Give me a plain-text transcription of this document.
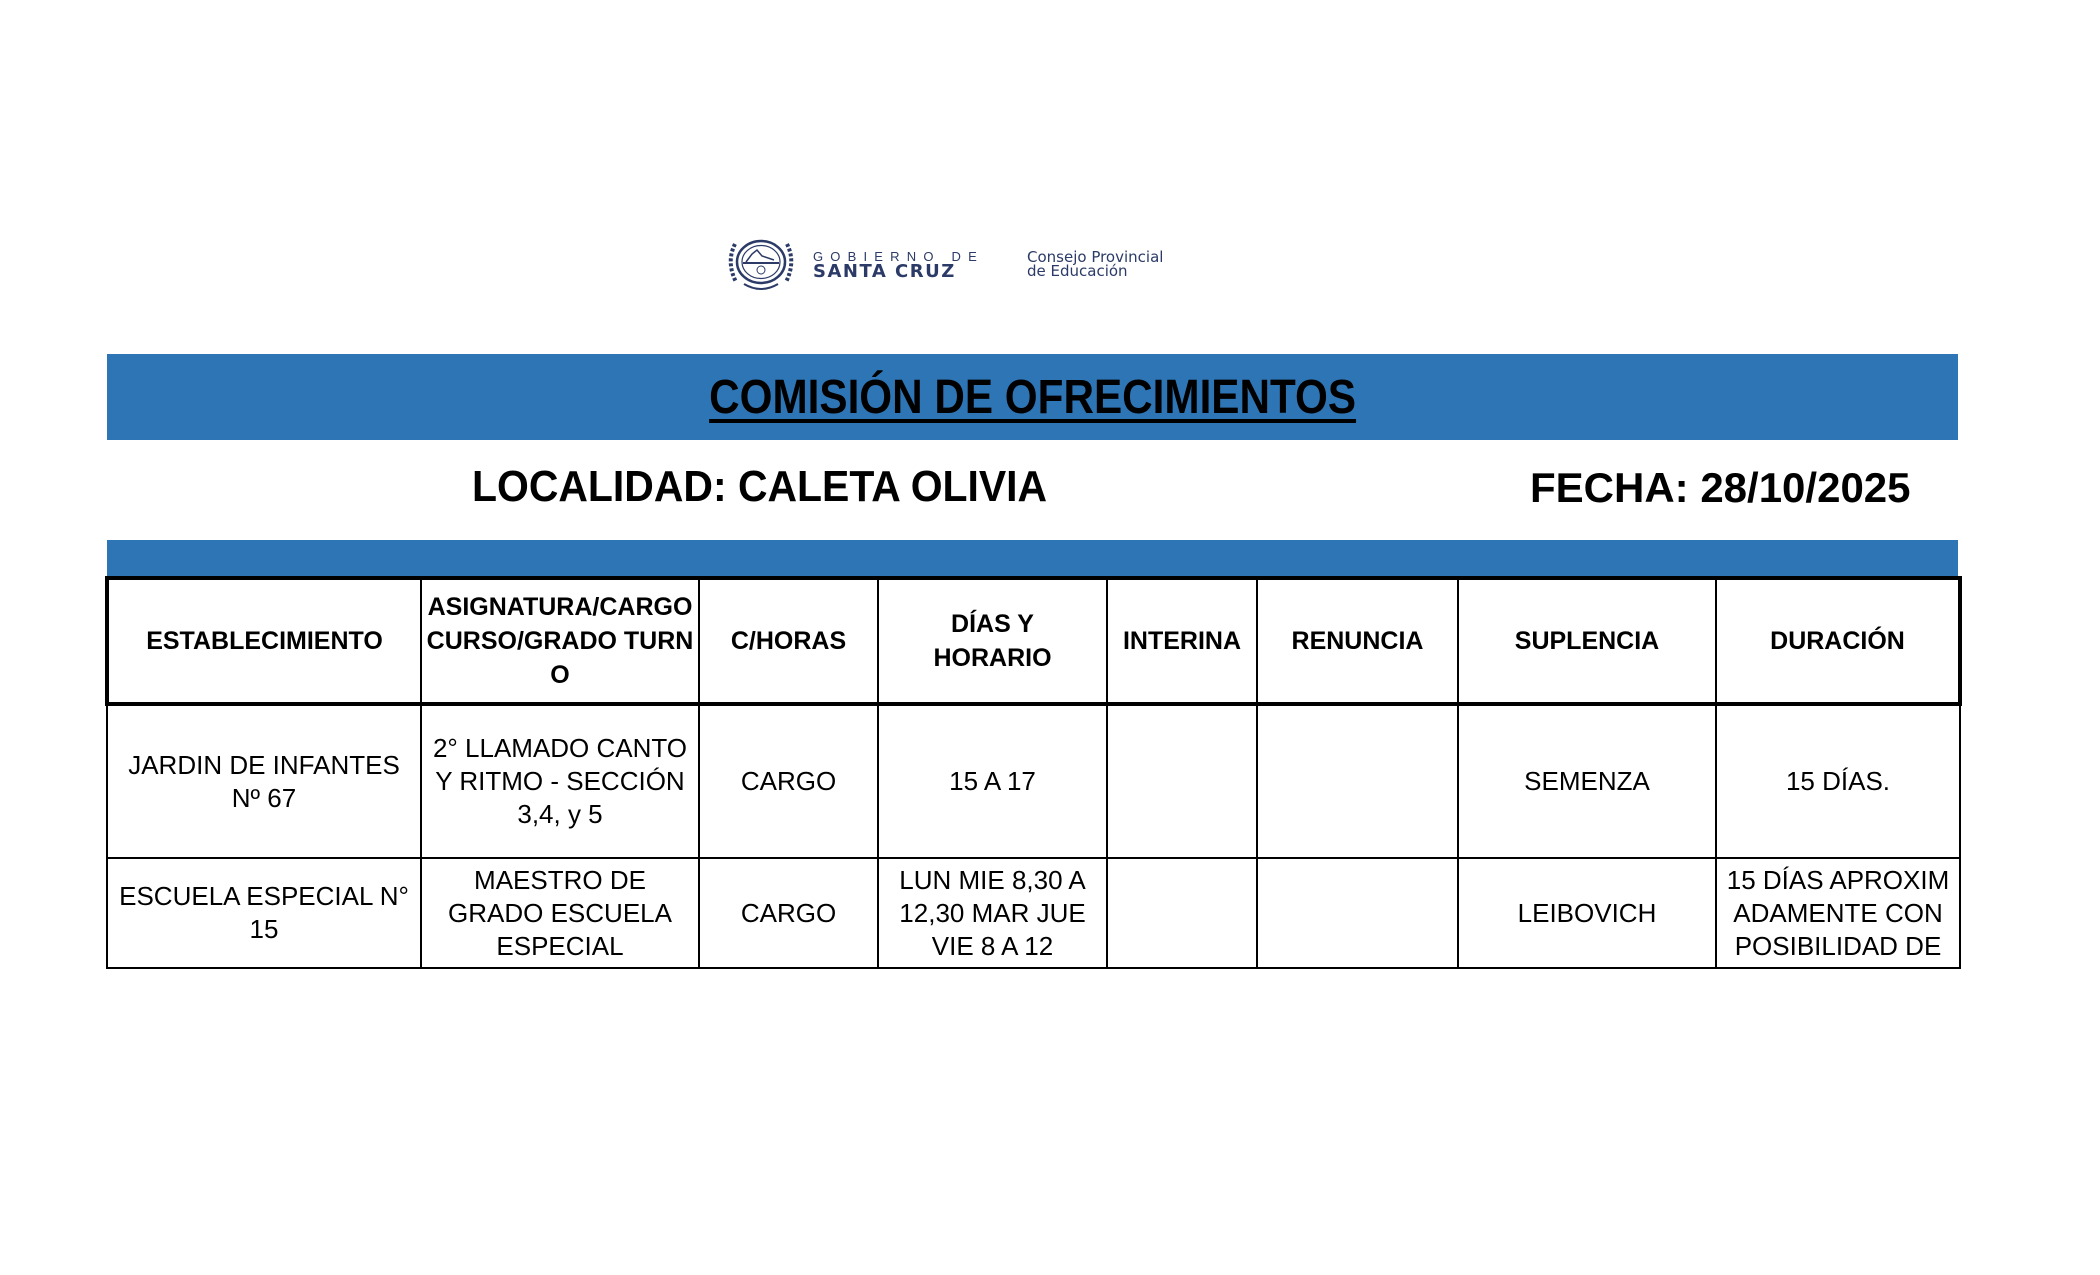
GOBIERNO DE
SANTA CRUZ
Consejo Provincial
de Educación
COMISIÓN DE OFRECIMIENTOS
LOCALIDAD: CALETA OLIVIA	FECHA: 28/10/2025
ESTABLECIMIENTO	ASIGNATURA/CARGO CURSO/GRADO TURNO	C/HORAS	DÍAS Y HORARIO	INTERINA	RENUNCIA	SUPLENCIA	DURACIÓN
JARDIN DE INFANTES Nº 67	2° LLAMADO CANTO Y RITMO - SECCIÓN 3,4, y 5	CARGO	15 A 17			SEMENZA	15 DÍAS.
ESCUELA ESPECIAL N° 15	MAESTRO DE GRADO ESCUELA ESPECIAL	CARGO	LUN MIE 8,30 A 12,30 MAR JUE VIE 8 A 12			LEIBOVICH	15 DÍAS APROXIMADAMENTE CON POSIBILIDAD DE
